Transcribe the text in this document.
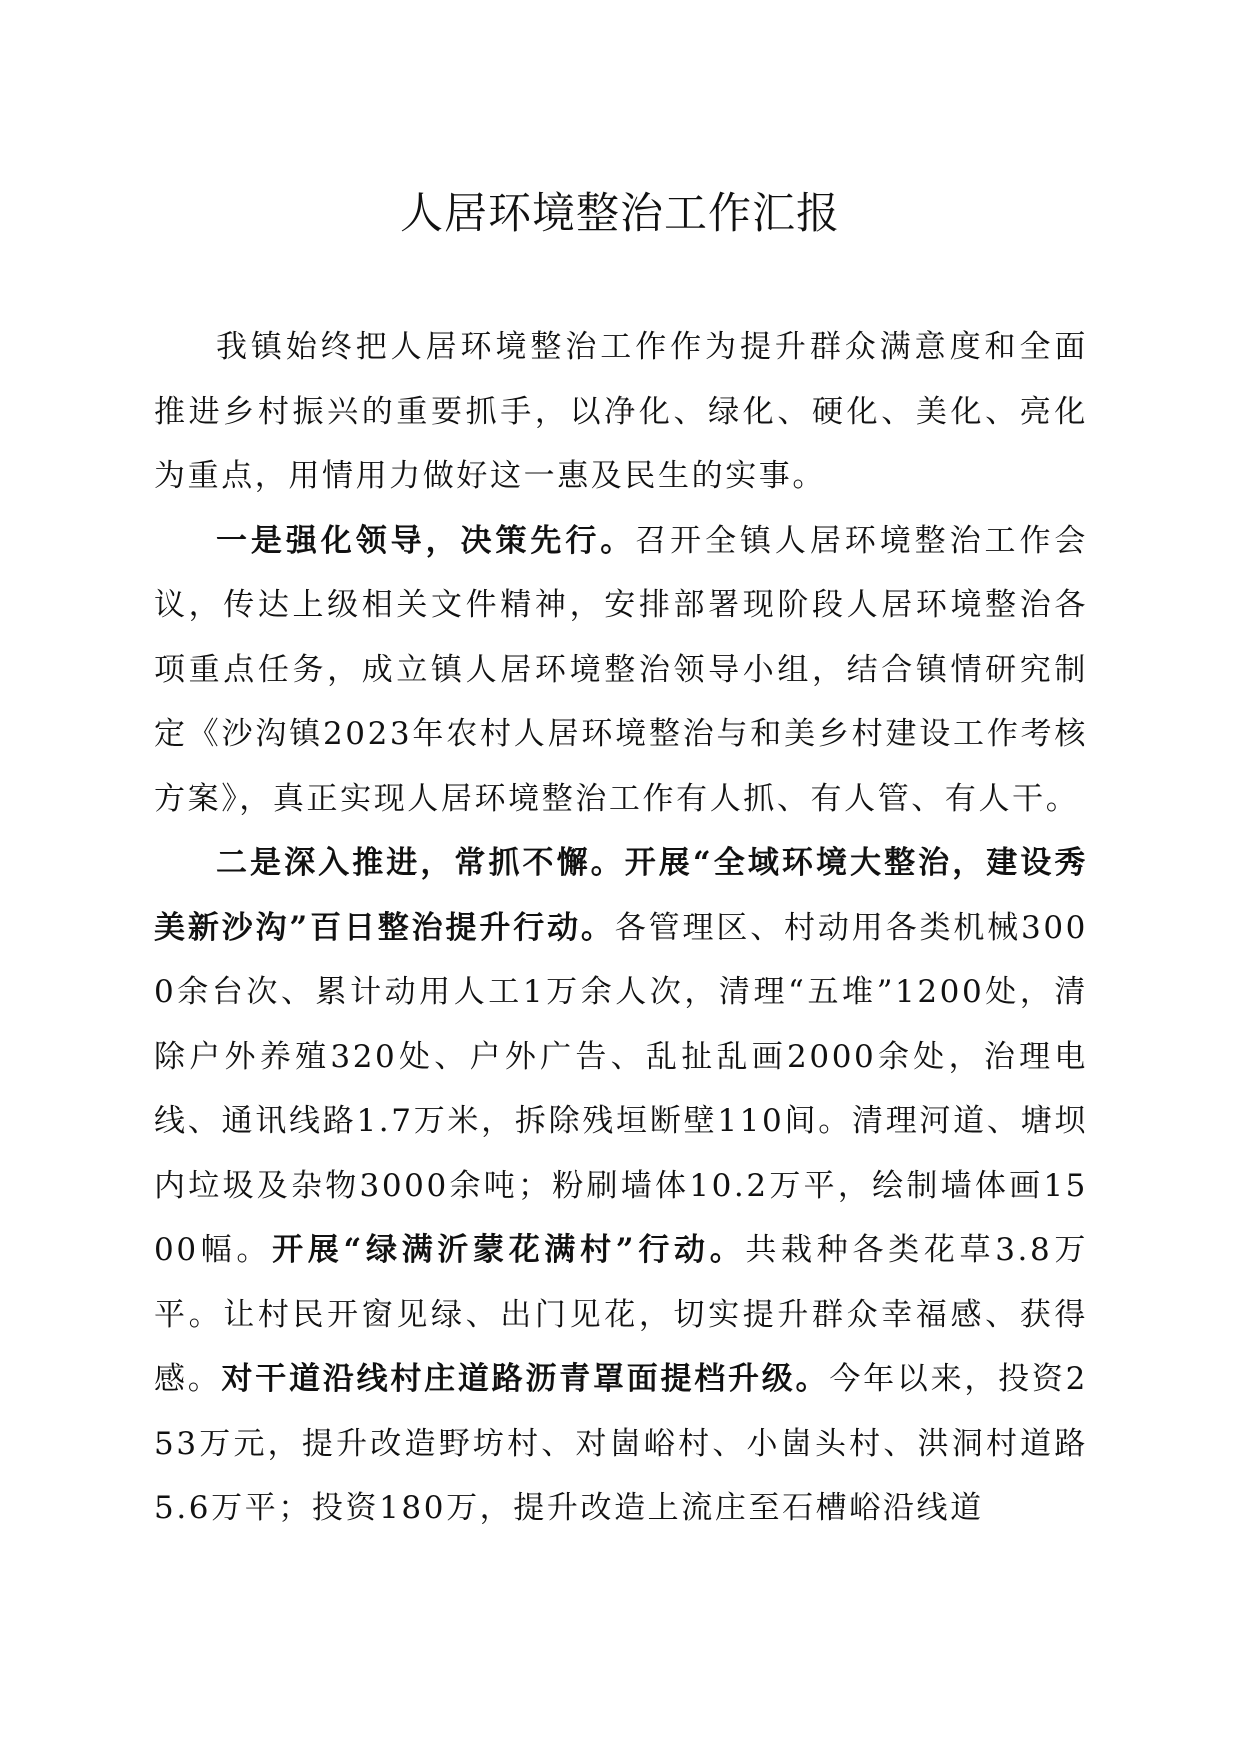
人居环境整治工作汇报

我镇始终把人居环境整治工作作为提升群众满意度和全面推进乡村振兴的重要抓手，以净化、绿化、硬化、美化、亮化为重点，用情用力做好这一惠及民生的实事。

一是强化领导，决策先行。召开全镇人居环境整治工作会议，传达上级相关文件精神，安排部署现阶段人居环境整治各项重点任务，成立镇人居环境整治领导小组，结合镇情研究制定《沙沟镇2023年农村人居环境整治与和美乡村建设工作考核方案》，真正实现人居环境整治工作有人抓、有人管、有人干。

二是深入推进，常抓不懈。开展“全域环境大整治，建设秀美新沙沟”百日整治提升行动。各管理区、村动用各类机械3000余台次、累计动用人工1万余人次，清理“五堆”1200处，清除户外养殖320处、户外广告、乱扯乱画2000余处，治理电线、通讯线路1.7万米，拆除残垣断壁110间。清理河道、塘坝内垃圾及杂物3000余吨；粉刷墙体10.2万平，绘制墙体画1500幅。开展“绿满沂蒙花满村”行动。共栽种各类花草3.8万平。让村民开窗见绿、出门见花，切实提升群众幸福感、获得感。对干道沿线村庄道路沥青罩面提档升级。今年以来，投资253万元，提升改造野坊村、对崮峪村、小崮头村、洪洞村道路5.6万平；投资180万，提升改造上流庄至石槽峪沿线道
